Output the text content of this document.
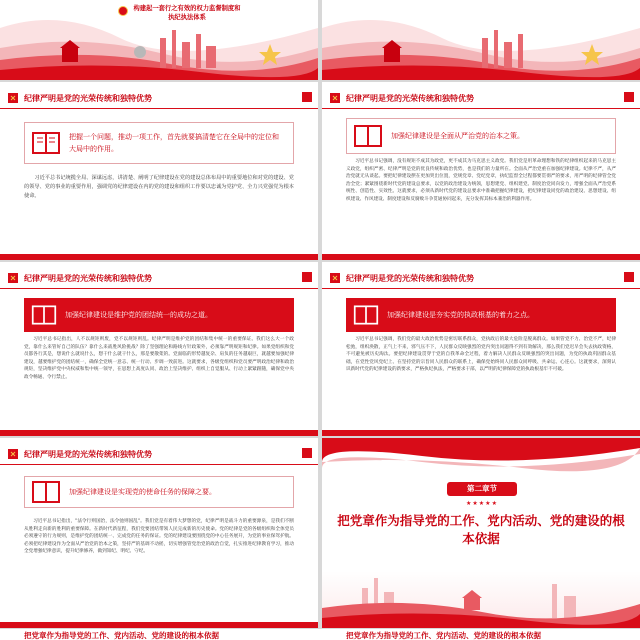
构建起一套行之有效的权力监督制度和执纪执法体系
纪律严明是党的光荣传统和独特优势
把握一个问题，推动一项工作，首先就要搞清楚它在全局中的定位和大局中的作用。
习近平总书记统揽全局、深谋远虑，讲清楚、阐明了纪律建设在党的建设总体布局中的重要地位和对党的建设、党的领导、党的事业的重要作用，强调党的纪律建设在内的党的建设和组织工作要以忠诚为党护党、全力兴党强党为根本使命。
纪律严明是党的光荣传统和独特优势
加强纪律建设是全面从严治党的治本之策。
习近平总书记强调，没有规矩不成其为政党，更不成其为马克思主义政党。我们党是用革命理想和铁的纪律组织起来的马克思主义政党，组织严密、纪律严明是党的优良传统和政治优势，也是我们的力量所在。全面从严治党重在加强纪律建设。纪律不严，从严治党就无从谈起。要把纪律建设摆在更加突出位置，党规党章、党纪党章，执纪监督全过程都要贯彻严的要求，用严明的纪律管全党治全党；紧紧围绕新时代党的建设总要求，以党的政治建设为统领，思想建党、组织建党、制度治党同向发力，增强全面从严治党系统性、创造性、实效性。这就要求，必须从新时代党的建设总要求中准确把握纪律建设，把纪律建设同党的政治建设、思想建设、组织建设、作风建设、制度建设和反腐败斗争贯通协同起来，充分发挥其标本兼治的利器作用。
纪律严明是党的光荣传统和独特优势
加强纪律建设是维护党的团结统一的成功之道。
习近平总书记指出，人不以规矩则废，党不以规矩则乱。纪律严明是维护党的团结和集中统一的重要保证。我们这么大一个政党，靠什么来管好自己的队伍？靠什么来战胜风险挑战？除了坚强理论和路线方针政策外，必须靠严明规矩和纪律。如果党组织和党员都各行其是，想说什么就说什么，想干什么就干什么，那是要散架的。党面临的形势越复杂、肩负的任务越艰巨，就越要加强纪律建设，越要维护党的团结统一，确保全党统一意志、统一行动、步调一致前进。这就要求，各级党组织和党员要严明政治纪律和政治规矩，坚决维护党中央权威和集中统一领导，在思想上高度认同、政治上坚决维护、组织上自觉服从、行动上紧紧跟随，确保党中央政令畅通、令行禁止。
纪律严明是党的光荣传统和独特优势
加强纪律建设是夯实党的执政根基的着力之点。
习近平总书记强调，我们党的最大政治优势是密切联系群众，党执政后的最大危险是脱离群众。如果管党不力、治党不严，纪律松弛，组织涣散，正气上不来，邪气压不下，人民群众反映强烈的党内突出问题得不到有效解决，那么我们党迟早会失去执政资格，不可避免被历史淘汰。要把纪律建设贯穿于党的自我革命全过程，着力解决人民群众反映强烈的突出问题，为党的执政巩固群众基础，在党性党风党纪上、在坚持党的宗旨同人民群众的联系上，确保党始终同人民群众同呼吸、共命运、心连心。这就要求，深刻认识新时代党的纪律建设的新要求，严格执纪执法，严格要求干部，以严明的纪律保障党的执政根基牢不可破。
纪律严明是党的光荣传统和独特优势
加强纪律建设是实现党的使命任务的保障之要。
习近平总书记指出，"法令行则国治，法令弛则国乱"。我们党是有着伟大梦想的党，纪律严明是战斗力的重要源泉，是我们不断从胜利走向新的胜利的重要保障。在新时代新征程，我们党要团结带领人民完成新的历史使命。党的纪律是党的各级组织和全体党员必须遵守的行为规则，是维护党的团结统一、完成党的任务的保证。党的纪律建设要围绕党的中心任务展开，为党的事业保驾护航。必须把纪律建设作为全面从严治党的治本之策，坚持严的基调不动摇，切实增强管党治党的政治自觉，扎实推进纪律教育学习，推动全党增强纪律意识，提升纪律修养，做到知纪、明纪、守纪。
第二章节
★★★★★
把党章作为指导党的工作、党内活动、党的建设的根本依据
把党章作为指导党的工作、党内活动、党的建设的根本依据	把党章作为指导党的工作、党内活动、党的建设的根本依据
